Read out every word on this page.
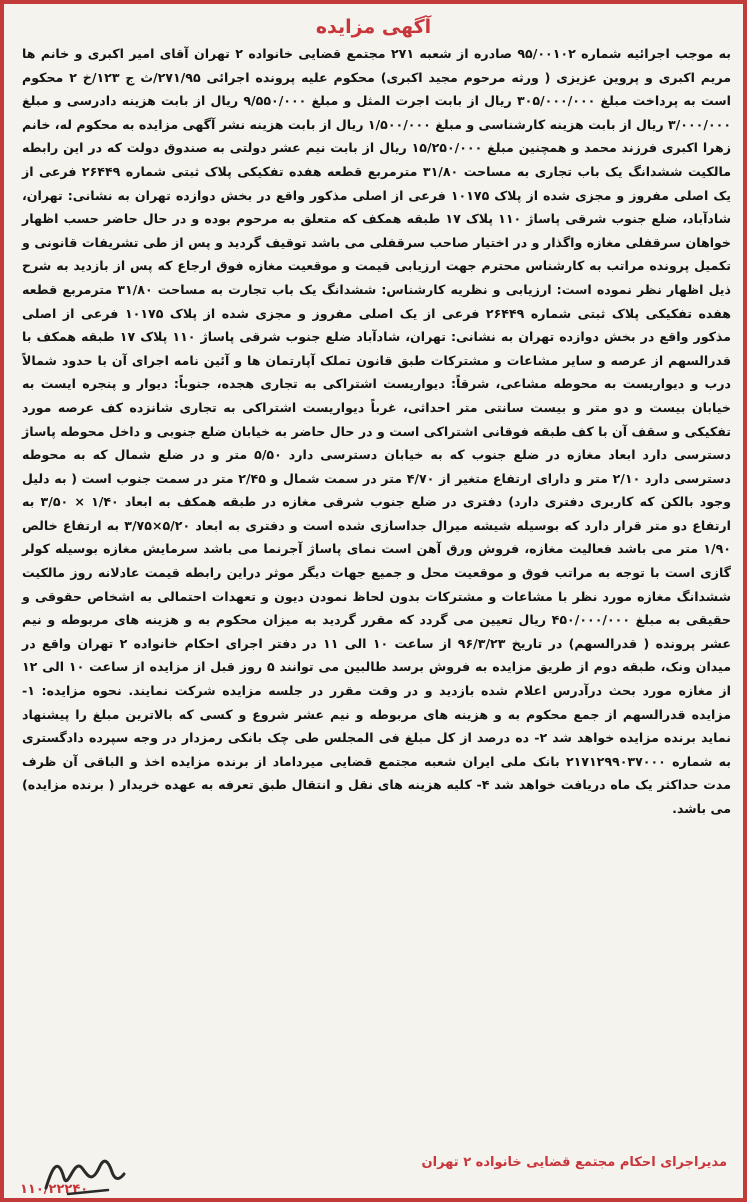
آگهی مزایده

به موجب اجرائیه شماره ۹۵/۰۰۱۰۲ صادره از شعبه ۲۷۱ مجتمع قضایی خانواده ۲ تهران آقای امیر اکبری و خانم ها مریم اکبری و پروین عزیزی ( ورثه مرحوم مجید اکبری) محکوم علیه پرونده اجرائی ۲۷۱/۹۵/ث ج ۱۲۳/خ ۲ محکوم است به پرداخت مبلغ ۳۰۵/۰۰۰/۰۰۰ ریال از بابت اجرت المثل و مبلغ ۹/۵۵۰/۰۰۰ ریال از بابت هزینه دادرسی و مبلغ ۳/۰۰۰/۰۰۰ ریال از بابت هزینه کارشناسی و مبلغ ۱/۵۰۰/۰۰۰ ریال از بابت هزینه نشر آگهی مزایده به محکوم له، خانم زهرا اکبری فرزند محمد و همچنین مبلغ ۱۵/۲۵۰/۰۰۰ ریال از بابت نیم عشر دولتی به صندوق دولت که در این رابطه مالکیت ششدانگ یک باب تجاری به مساحت ۳۱/۸۰ مترمربع قطعه هفده تفکیکی پلاک ثبتی شماره ۲۶۴۴۹ فرعی از یک اصلی مفروز و مجزی شده از پلاک ۱۰۱۷۵ فرعی از اصلی مذکور واقع در بخش دوازده تهران به نشانی: تهران، شادآباد، ضلع جنوب شرقی پاساژ ۱۱۰ پلاک ۱۷ طبقه همکف که متعلق به مرحوم بوده و در حال حاضر حسب اظهار خواهان سرقفلی مغازه واگذار و در اختیار صاحب سرقفلی می باشد توقیف گردید و پس از طی تشریفات قانونی و تکمیل پرونده مراتب به کارشناس محترم جهت ارزیابی قیمت و موقعیت مغازه فوق ارجاع که پس از بازدید به شرح ذیل اظهار نظر نموده است: ارزیابی و نظریه کارشناس: ششدانگ یک باب تجارت به مساحت ۳۱/۸۰ مترمربع قطعه هفده تفکیکی پلاک ثبتی شماره ۲۶۴۴۹ فرعی از یک اصلی مفروز و مجزی شده از پلاک ۱۰۱۷۵ فرعی از اصلی مذکور واقع در بخش دوازده تهران به نشانی: تهران، شادآباد ضلع جنوب شرقی پاساژ ۱۱۰ پلاک ۱۷ طبقه همکف با قدرالسهم از عرصه و سایر مشاعات و مشترکات طبق قانون تملک آپارتمان ها و آئین نامه اجرای آن با حدود شمالاً درب و دیواریست به محوطه مشاعی، شرقاً: دیواریست اشتراکی به تجاری هجده، جنوباً: دیوار و پنجره ایست به خیابان بیست و دو متر و بیست سانتی متر احداثی، غرباً دیواریست اشتراکی به تجاری شانزده کف عرصه مورد تفکیکی و سقف آن با کف طبقه فوقانی اشتراکی است و در حال حاضر به خیابان ضلع جنوبی و داخل محوطه پاساژ دسترسی دارد ابعاد مغازه در ضلع جنوب که به خیابان دسترسی دارد ۵/۵۰ متر و در ضلع شمال که به محوطه دسترسی دارد ۲/۱۰ متر و دارای ارتفاع متغیر از ۴/۷۰ متر در سمت شمال و ۲/۴۵ متر در سمت جنوب است ( به دلیل وجود بالکن که کاربری دفتری دارد) دفتری در ضلع جنوب شرقی مغازه در طبقه همکف به ابعاد ۱/۴۰ × ۳/۵۰ به ارتفاع دو متر قرار دارد که بوسیله شیشه میرال جداسازی شده است و دفتری به ابعاد ۵/۲۰×۳/۷۵ به ارتفاع خالص ۱/۹۰ متر می باشد فعالیت مغازه، فروش ورق آهن است نمای پاساژ آجرنما می باشد سرمایش مغازه بوسیله کولر گازی است با توجه به مراتب فوق و موقعیت محل و جمیع جهات دیگر موثر دراین رابطه قیمت عادلانه روز مالکیت ششدانگ مغازه مورد نظر با مشاعات و مشترکات بدون لحاظ نمودن دیون و تعهدات احتمالی به اشخاص حقوقی و حقیقی به مبلغ ۴۵۰/۰۰۰/۰۰۰ ریال تعیین می گردد که مقرر گردید به میزان محکوم به و هزینه های مربوطه و نیم عشر پرونده ( قدرالسهم) در تاریخ ۹۶/۳/۲۳ از ساعت ۱۰ الی ۱۱ در دفتر اجرای احکام خانواده ۲ تهران واقع در میدان ونک، طبقه دوم از طریق مزایده به فروش برسد طالبین می توانند ۵ روز قبل از مزایده از ساعت ۱۰ الی ۱۲ از مغازه مورد بحث درآدرس اعلام شده بازدید و در وقت مقرر در جلسه مزایده شرکت نمایند. نحوه مزایده: ۱- مزایده قدرالسهم از جمع محکوم به و هزینه های مربوطه و نیم عشر شروع و کسی که بالاترین مبلغ را پیشنهاد نماید برنده مزایده خواهد شد ۲- ده درصد از کل مبلغ فی المجلس طی چک بانکی رمزدار در وجه سپرده دادگستری به شماره ۲۱۷۱۲۹۹۰۳۷۰۰۰ بانک ملی ایران شعبه مجتمع قضایی میرداماد از برنده مزایده اخذ و الباقی آن ظرف مدت حداکثر یک ماه دریافت خواهد شد ۴- کلیه هزینه های نقل و انتقال طبق تعرفه به عهده خریدار ( برنده مزایده) می باشد.

مدیراجرای احکام مجتمع قضایی خانواده ۲ تهران

۱۱۰/۲۲۲۴۰
